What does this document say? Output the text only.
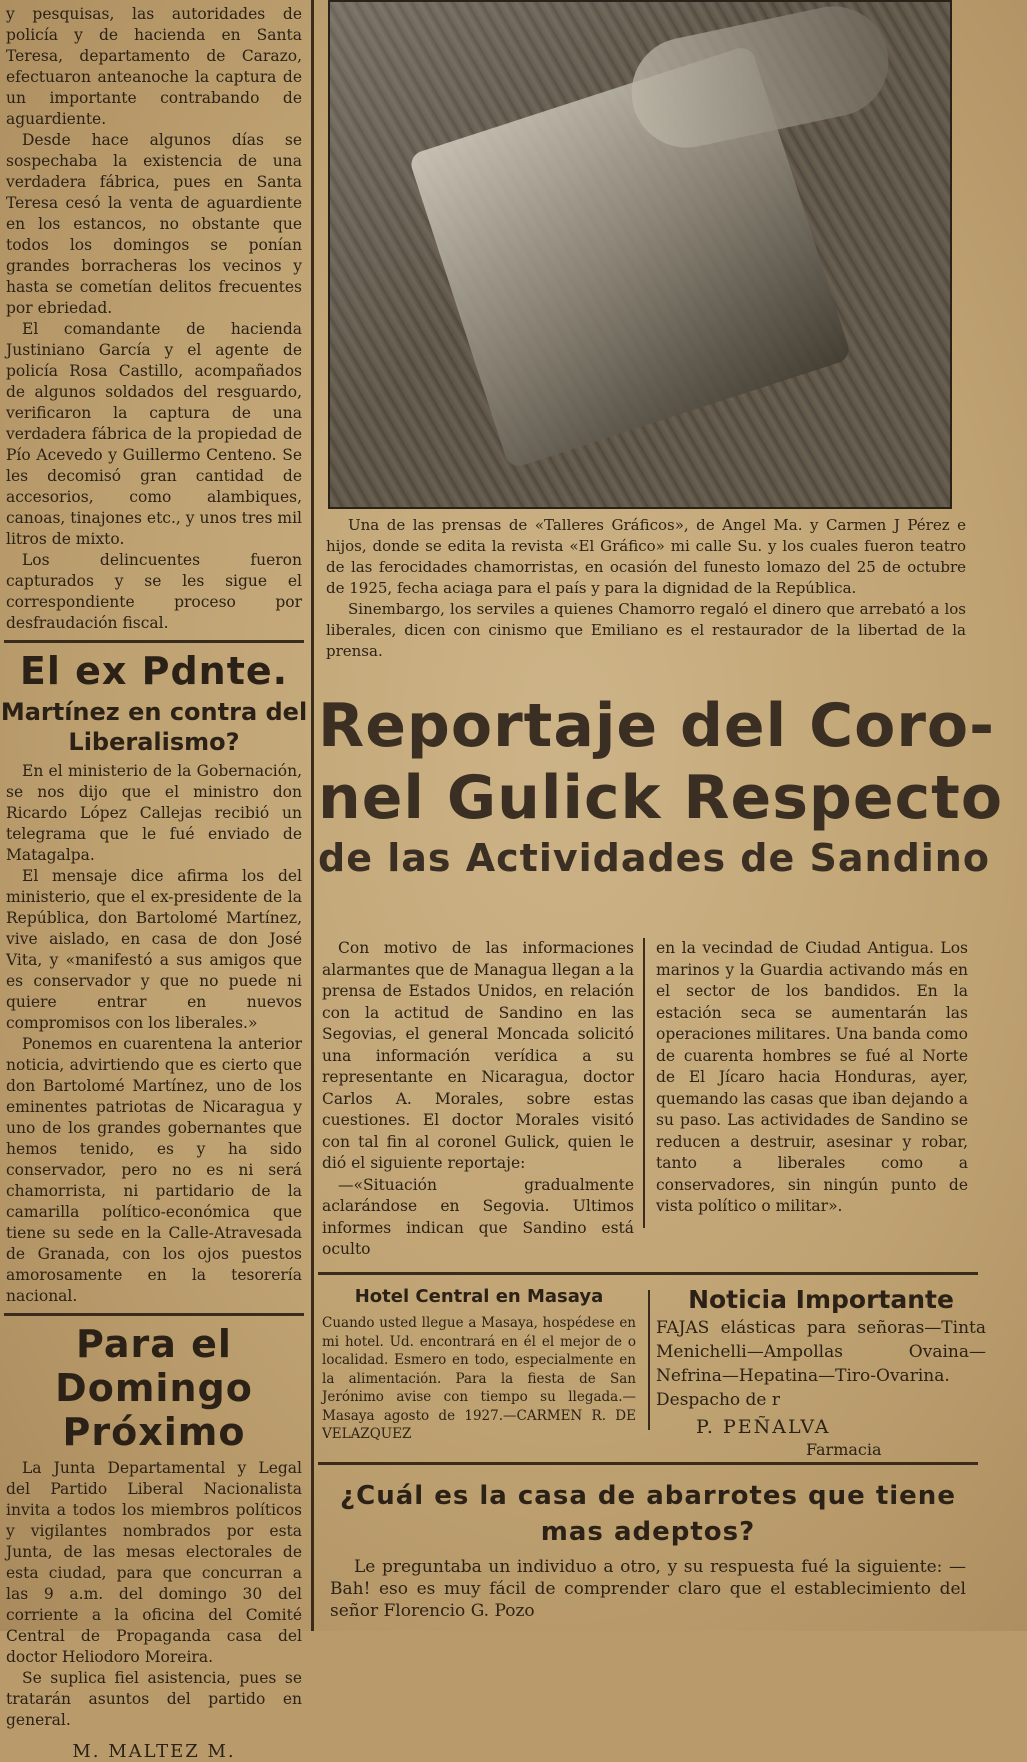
y pesquisas, las autoridades de policía y de hacienda en Santa Teresa, departamento de Carazo, efectuaron anteanoche la captura de un importante contrabando de aguardiente.

Desde hace algunos días se sospechaba la existencia de una verdadera fábrica, pues en Santa Teresa cesó la venta de aguardiente en los estancos, no obstante que todos los domingos se ponían grandes borracheras los vecinos y hasta se cometían delitos frecuentes por ebriedad.

El comandante de hacienda Justiniano García y el agente de policía Rosa Castillo, acompañados de algunos soldados del resguardo, verificaron la captura de una verdadera fábrica de la propiedad de Pío Acevedo y Guillermo Centeno. Se les decomisó gran cantidad de accesorios, como alambiques, canoas, tinajones etc., y unos tres mil litros de mixto.

Los delincuentes fueron capturados y se les sigue el correspondiente proceso por desfraudación fiscal.

El ex Pdnte.
Martínez en contra del Liberalismo?

En el ministerio de la Gobernación, se nos dijo que el ministro don Ricardo López Callejas recibió un telegrama que le fué enviado de Matagalpa.

El mensaje dice afirma los del ministerio, que el ex-presidente de la República, don Bartolomé Martínez, vive aislado, en casa de don José Vita, y «manifestó a sus amigos que es conservador y que no puede ni quiere entrar en nuevos compromisos con los liberales.»

Ponemos en cuarentena la anterior noticia, advirtiendo que es cierto que don Bartolomé Martínez, uno de los eminentes patriotas de Nicaragua y uno de los grandes gobernantes que hemos tenido, es y ha sido conservador, pero no es ni será chamorrista, ni partidario de la camarilla político-económica que tiene su sede en la Calle-Atravesada de Granada, con los ojos puestos amorosamente en la tesorería nacional.

Para el Domingo Próximo

La Junta Departamental y Legal del Partido Liberal Nacionalista invita a todos los miembros políticos y vigilantes nombrados por esta Junta, de las mesas electorales de esta ciudad, para que concurran a las 9 a.m. del domingo 30 del corriente a la oficina del Comité Central de Propaganda casa del doctor Heliodoro Moreira.

Se suplica fiel asistencia, pues se tratarán asuntos del partido en general.

M. MALTEZ M.

Una de las prensas de «Talleres Gráficos», de Angel Ma. y Carmen J Pérez e hijos, donde se edita la revista «El Gráfico» mi calle Su. y los cuales fueron teatro de las ferocidades chamorristas, en ocasión del funesto lomazo del 25 de octubre de 1925, fecha aciaga para el país y para la dignidad de la República.

Sinembargo, los serviles a quienes Chamorro regaló el dinero que arrebató a los liberales, dicen con cinismo que Emiliano es el restaurador de la libertad de la prensa.

Reportaje del Coro-
nel Gulick Respecto
de las Actividades de Sandino

Con motivo de las informaciones alarmantes que de Managua llegan a la prensa de Estados Unidos, en relación con la actitud de Sandino en las Segovias, el general Moncada solicitó una información verídica a su representante en Nicaragua, doctor Carlos A. Morales, sobre estas cuestiones. El doctor Morales visitó con tal fin al coronel Gulick, quien le dió el siguiente reportaje:

—«Situación gradualmente aclarándose en Segovia. Ultimos informes indican que Sandino está oculto

en la vecindad de Ciudad Antigua. Los marinos y la Guardia activando más en el sector de los bandidos. En la estación seca se aumentarán las operaciones militares. Una banda como de cuarenta hombres se fué al Norte de El Jícaro hacia Honduras, ayer, quemando las casas que iban dejando a su paso. Las actividades de Sandino se reducen a destruir, asesinar y robar, tanto a liberales como a conservadores, sin ningún punto de vista político o militar».

Hotel Central en Masaya
Cuando usted llegue a Masaya, hospédese en mi hotel. Ud. encontrará en él el mejor de o localidad. Esmero en todo, especialmente en la alimentación. Para la fiesta de San Jerónimo avise con tiempo su llegada.—Masaya agosto de 1927.—CARMEN R. DE VELAZQUEZ
Noticia Importante
FAJAS elásticas para señoras—Tinta Menichelli—Ampollas Ovaina—Nefrina—Hepatina—Tiro-Ovarina. Despacho de r
P. PEÑALVA
Farmacia
¿Cuál es la casa de abarrotes que tiene mas adeptos?
Le preguntaba un individuo a otro, y su respuesta fué la siguiente: —Bah! eso es muy fácil de comprender claro que el establecimiento del señor Florencio G. Pozo
